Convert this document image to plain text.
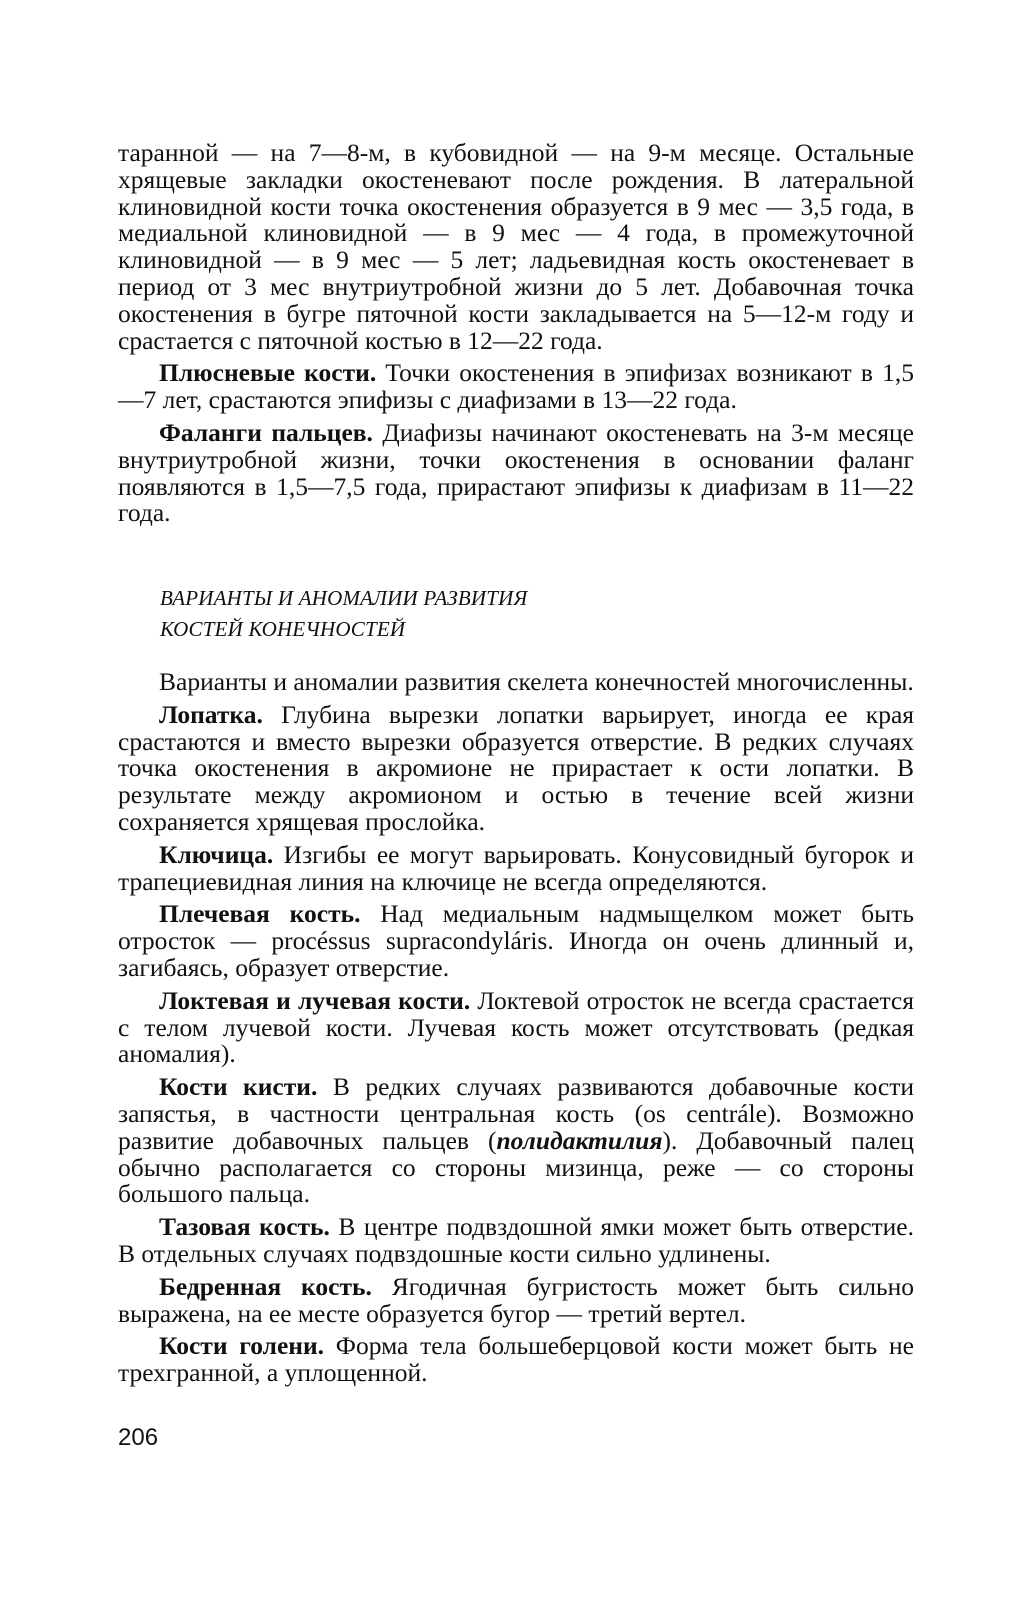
таранной — на 7—8-м, в кубовидной — на 9-м месяце. Остальные хрящевые закладки окостеневают после рождения. В латеральной клиновидной кости точка окостенения образуется в 9 мес — 3,5 года, в медиальной клиновидной — в 9 мес — 4 года, в промежуточной клиновидной — в 9 мес — 5 лет; ладьевидная кость окостеневает в период от 3 мес внутриутробной жизни до 5 лет. Добавочная точка окостенения в бугре пяточной кости закладывается на 5—12-м году и срастается с пяточной костью в 12—22 года.

Плюсневые кости. Точки окостенения в эпифизах возникают в 1,5—7 лет, срастаются эпифизы с диафизами в 13—22 года.

Фаланги пальцев. Диафизы начинают окостеневать на 3-м месяце внутриутробной жизни, точки окостенения в основании фаланг появляются в 1,5—7,5 года, прирастают эпифизы к диафизам в 11—22 года.

ВАРИАНТЫ И АНОМАЛИИ РАЗВИТИЯ
КОСТЕЙ КОНЕЧНОСТЕЙ

Варианты и аномалии развития скелета конечностей многочисленны.

Лопатка. Глубина вырезки лопатки варьирует, иногда ее края срастаются и вместо вырезки образуется отверстие. В редких случаях точка окостенения в акромионе не прирастает к ости лопатки. В результате между акромионом и остью в течение всей жизни сохраняется хрящевая прослойка.

Ключица. Изгибы ее могут варьировать. Конусовидный бугорок и трапециевидная линия на ключице не всегда определяются.

Плечевая кость. Над медиальным надмыщелком может быть отросток — procéssus supracondyláris. Иногда он очень длинный и, загибаясь, образует отверстие.

Локтевая и лучевая кости. Локтевой отросток не всегда срастается с телом лучевой кости. Лучевая кость может отсутствовать (редкая аномалия).

Кости кисти. В редких случаях развиваются добавочные кости запястья, в частности центральная кость (os centrále). Возможно развитие добавочных пальцев (полидактилия). Добавочный палец обычно располагается со стороны мизинца, реже — со стороны большого пальца.

Тазовая кость. В центре подвздошной ямки может быть отверстие. В отдельных случаях подвздошные кости сильно удлинены.

Бедренная кость. Ягодичная бугристость может быть сильно выражена, на ее месте образуется бугор — третий вертел.

Кости голени. Форма тела большеберцовой кости может быть не трехгранной, а уплощенной.

206
